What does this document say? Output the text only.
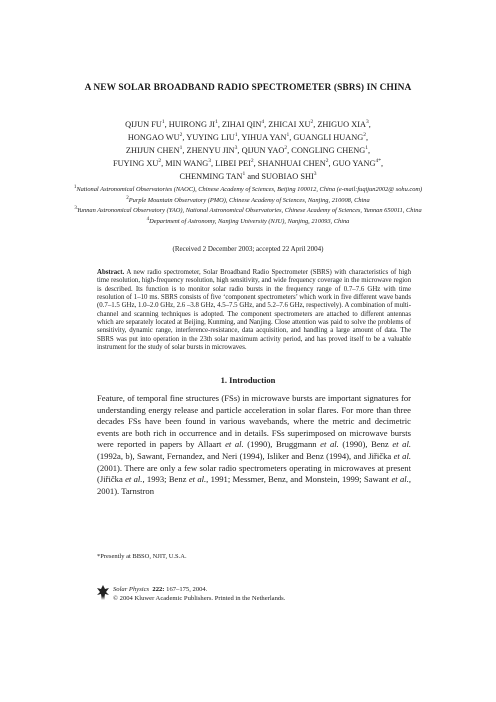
A NEW SOLAR BROADBAND RADIO SPECTROMETER (SBRS) IN CHINA
QIJUN $FU^1$, HUIRONG $JI^1$, ZIHAI QIN$^4$, ZHICAI $XU^2$, ZHIGUO XIA$^3$,
HONGAO $WU^2$, YUYING LIU$^1$, YIHUA YAN$^1$, GUANGLI HUANG$^2$,
ZHIJUN CHEN$^1$, ZHENYU JIN$^3$, QIJUN YAO$^2$, CONGLING CHENG$^1$,
FUYING $XU^2$, MIN WANG$^3$, LIBEI PEI$^2$, SHANHUAI CHEN$^2$, GUO $YANG^{4*}$,
CHENMING TAN$^1$ and SUOBIAO SHI$^3$
$^1$National Astronomical Observatories (NAOC), Chinese Academy of Sciences, Beijing 100012, China (e-mail:fuqijun2002@ sohu.com)
$^2$Purple Mountain Observatory (PMO), Chinese Academy of Sciences, Nanjing, 210008, China
$^3$Yunnan Astronomical Observatory (YAO), National Astronomical Observatories, Chinese Academy of Sciences, Yunnan 650011, China
$^4$Department of Astronomy, Nanjing University (NJU), Nanjing, 210093, China
(Received 2 December 2003; accepted 22 April 2004)
Abstract. A new radio spectrometer, Solar Broadband Radio Spectrometer (SBRS) with characteristics of high time resolution, high-frequency resolution, high sensitivity, and wide frequency coverage in the microwave region is described. Its function is to monitor solar radio bursts in the frequency range of 0.7–7.6 GHz with time resolution of 1–10 ms. SBRS consists of five ‘component spectrometers’ which work in five different wave bands (0.7–1.5 GHz, 1.0–2.0 GHz, 2.6 –3.8 GHz, 4.5–7.5 GHz, and 5.2–7.6 GHz, respectively). A combination of multi-channel and scanning techniques is adopted. The component spectrometers are attached to different antennas which are separately located at Beijing, Kunming, and Nanjing. Close attention was paid to solve the problems of sensitivity, dynamic range, interference-resistance, data acquisition, and handling a large amount of data. The SBRS was put into operation in the 23th solar maximum activity period, and has proved itself to be a valuable instrument for the study of solar bursts in microwaves.
1. Introduction
Feature, of temporal fine structures (FSs) in microwave bursts are important signatures for understanding energy release and particle acceleration in solar flares. For more than three decades FSs have been found in various wavebands, where the metric and decimetric events are both rich in occurrence and in details. FSs superimposed on microwave bursts were reported in papers by Allaart et al. (1990), Bruggmann et al. (1990), Benz et al. (1992a, b), Sawant, Fernandez, and Neri (1994), Isliker and Benz (1994), and Jiřička et al. (2001). There are only a few solar radio spectrometers operating in microwaves at present (Jiřička et al., 1993; Benz et al., 1991; Messmer, Benz, and Monstein, 1999; Sawant et al., 2001). Tarnstron
*Presently at BBSO, NJIT, U.S.A.
Solar Physics 222: 167–175, 2004.
© 2004 Kluwer Academic Publishers. Printed in the Netherlands.
